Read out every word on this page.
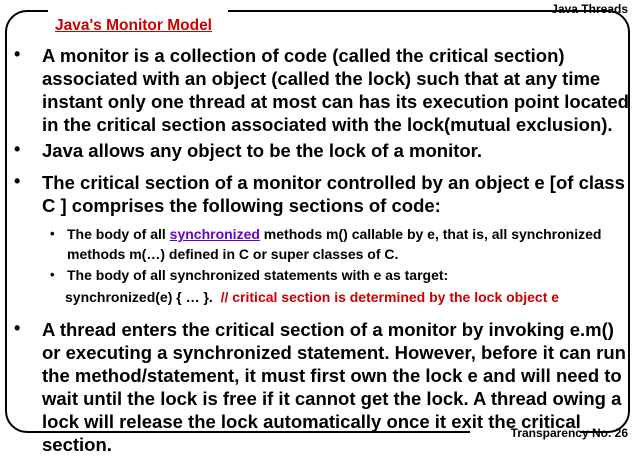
Java Threads
Java's Monitor Model
• A monitor is a collection of code (called the critical section) associated with an object (called the lock) such that at any time instant only one thread at most can has its execution point located in the critical section associated with the lock(mutual exclusion).
• Java allows any object to be the lock of a monitor.
• The critical section of a monitor controlled by an object e [of class C ] comprises the following sections of code:
• The body of all synchronized methods m() callable by e, that is, all synchronized methods m(…) defined in C or super classes of C.
• The body of all synchronized statements with e as target:
synchronized(e) { … }. // critical section is determined by the lock object e
• A thread enters the critical section of a monitor by invoking e.m() or executing a synchronized statement. However, before it can run the method/statement, it must first own the lock e and will need to wait until the lock is free if it cannot get the lock. A thread owing a lock will release the lock automatically once it exit the critical section.
Transparency No. 26
